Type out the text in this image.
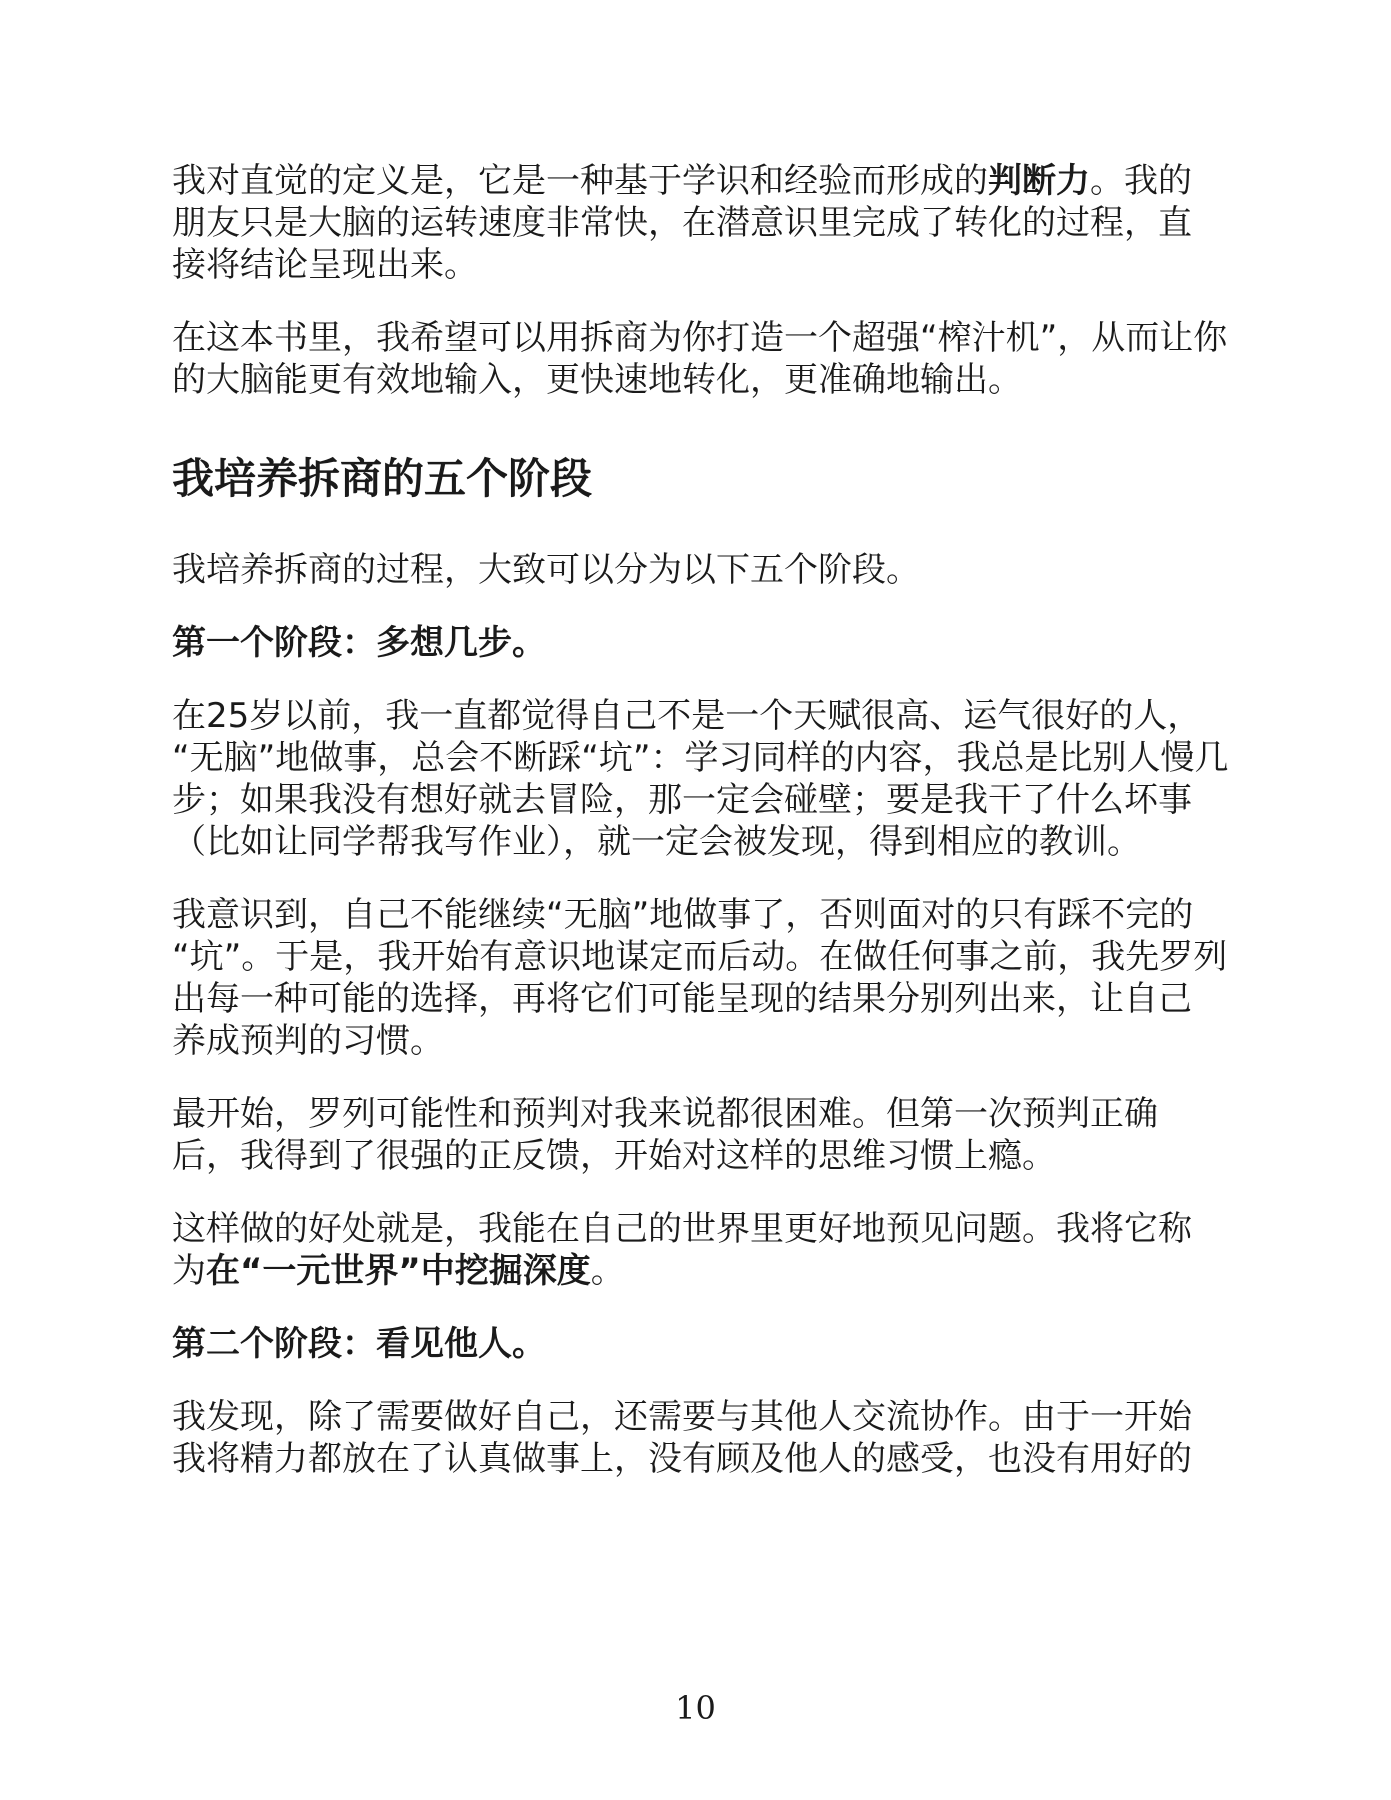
我对直觉的定义是，它是一种基于学识和经验而形成的判断力。我的
朋友只是大脑的运转速度非常快，在潜意识里完成了转化的过程，直
接将结论呈现出来。

在这本书里，我希望可以用拆商为你打造一个超强“榨汁机”，从而让你
的大脑能更有效地输入，更快速地转化，更准确地输出。

我培养拆商的五个阶段

我培养拆商的过程，大致可以分为以下五个阶段。

第一个阶段：多想几步。

在25岁以前，我一直都觉得自己不是一个天赋很高、运气很好的人，
“无脑”地做事，总会不断踩“坑”：学习同样的内容，我总是比别人慢几
步；如果我没有想好就去冒险，那一定会碰壁；要是我干了什么坏事
（比如让同学帮我写作业），就一定会被发现，得到相应的教训。

我意识到，自己不能继续“无脑”地做事了，否则面对的只有踩不完的
“坑”。于是，我开始有意识地谋定而后动。在做任何事之前，我先罗列
出每一种可能的选择，再将它们可能呈现的结果分别列出来，让自己
养成预判的习惯。

最开始，罗列可能性和预判对我来说都很困难。但第一次预判正确
后，我得到了很强的正反馈，开始对这样的思维习惯上瘾。

这样做的好处就是，我能在自己的世界里更好地预见问题。我将它称
为在“一元世界”中挖掘深度。

第二个阶段：看见他人。

我发现，除了需要做好自己，还需要与其他人交流协作。由于一开始
我将精力都放在了认真做事上，没有顾及他人的感受，也没有用好的

10
